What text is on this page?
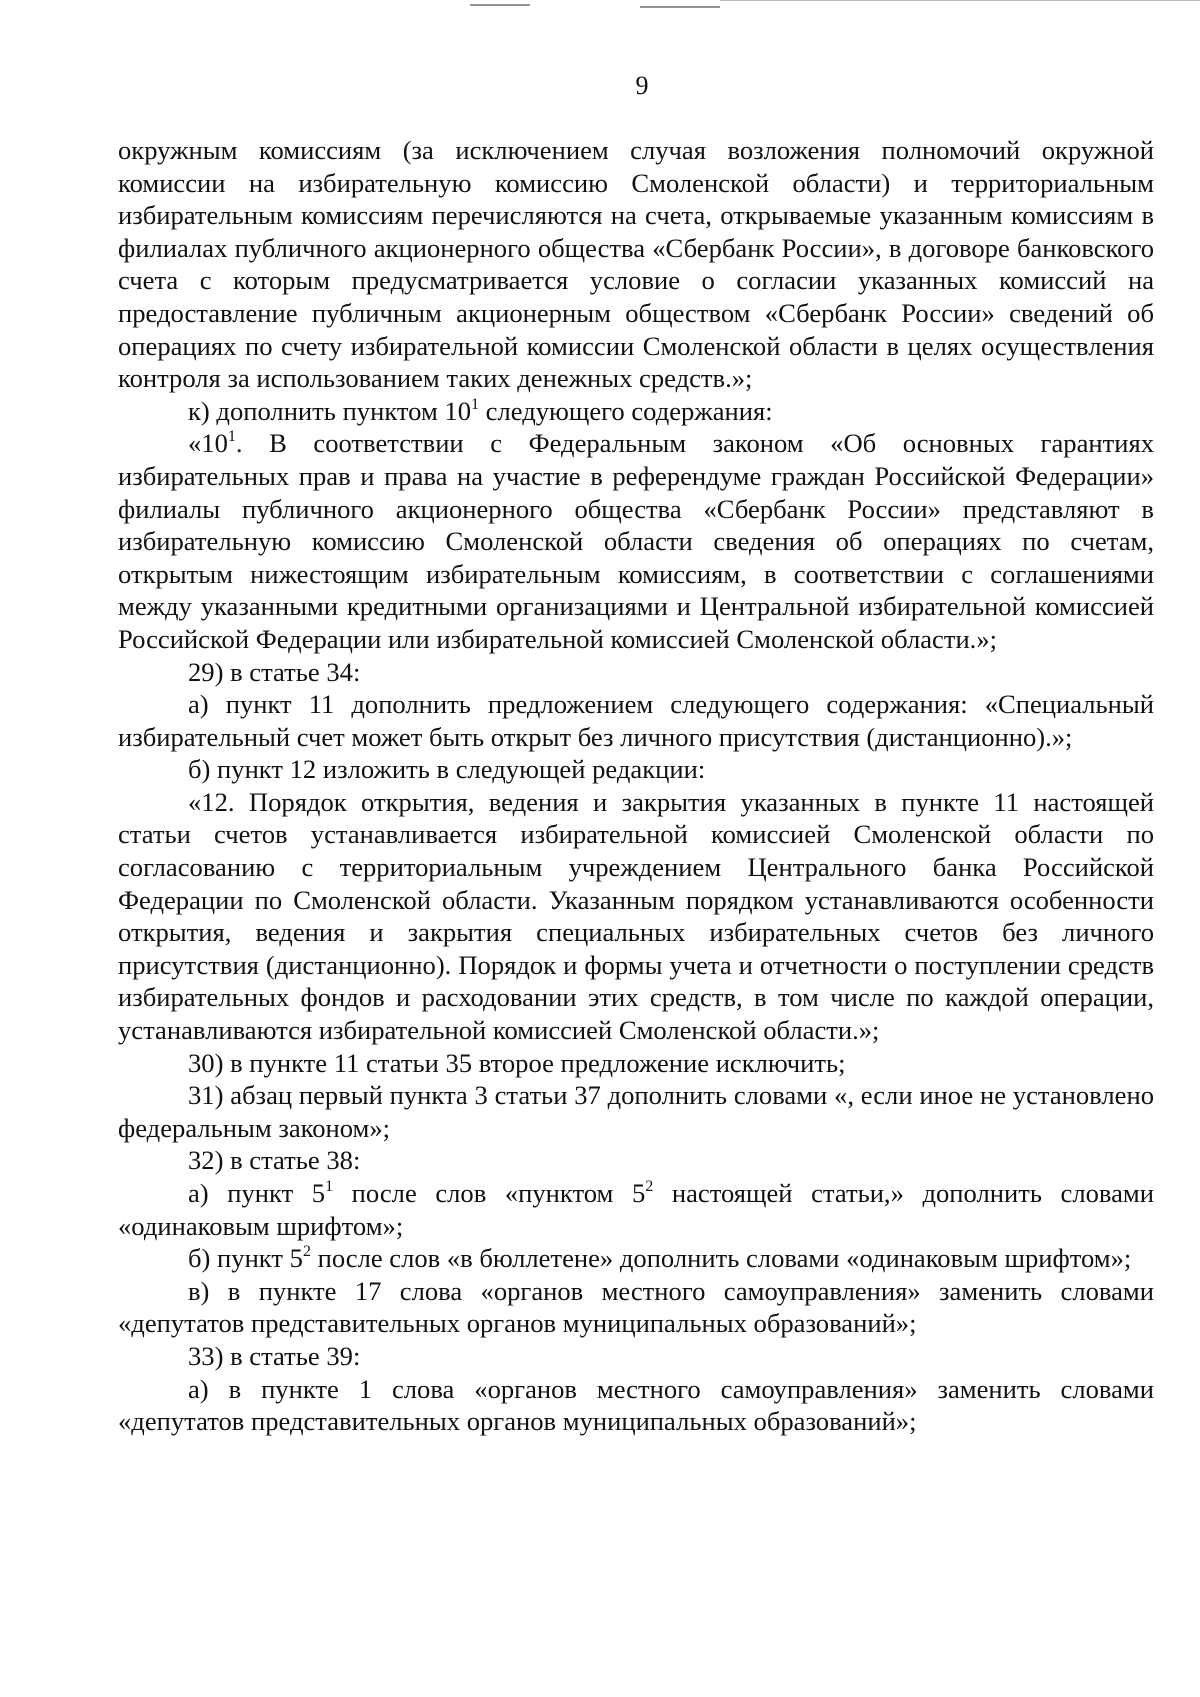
9

окружным комиссиям (за исключением случая возложения полномочий окружной комиссии на избирательную комиссию Смоленской области) и территориальным избирательным комиссиям перечисляются на счета, открываемые указанным комиссиям в филиалах публичного акционерного общества «Сбербанк России», в договоре банковского счета с которым предусматривается условие о согласии указанных комиссий на предоставление публичным акционерным обществом «Сбербанк России» сведений об операциях по счету избирательной комиссии Смоленской области в целях осуществления контроля за использованием таких денежных средств.»;

к) дополнить пунктом $10^1$ следующего содержания:

«$10^1$. В соответствии с Федеральным законом «Об основных гарантиях избирательных прав и права на участие в референдуме граждан Российской Федерации» филиалы публичного акционерного общества «Сбербанк России» представляют в избирательную комиссию Смоленской области сведения об операциях по счетам, открытым нижестоящим избирательным комиссиям, в соответствии с соглашениями между указанными кредитными организациями и Центральной избирательной комиссией Российской Федерации или избирательной комиссией Смоленской области.»;

29) в статье 34:

а) пункт 11 дополнить предложением следующего содержания: «Специальный избирательный счет может быть открыт без личного присутствия (дистанционно).»;

б) пункт 12 изложить в следующей редакции:

«12. Порядок открытия, ведения и закрытия указанных в пункте 11 настоящей статьи счетов устанавливается избирательной комиссией Смоленской области по согласованию с территориальным учреждением Центрального банка Российской Федерации по Смоленской области. Указанным порядком устанавливаются особенности открытия, ведения и закрытия специальных избирательных счетов без личного присутствия (дистанционно). Порядок и формы учета и отчетности о поступлении средств избирательных фондов и расходовании этих средств, в том числе по каждой операции, устанавливаются избирательной комиссией Смоленской области.»;

30) в пункте 11 статьи 35 второе предложение исключить;

31) абзац первый пункта 3 статьи 37 дополнить словами «, если иное не установлено федеральным законом»;

32) в статье 38:

а) пункт $5^1$ после слов «пунктом $5^2$ настоящей статьи,» дополнить словами «одинаковым шрифтом»;

б) пункт $5^2$ после слов «в бюллетене» дополнить словами «одинаковым шрифтом»;

в) в пункте 17 слова «органов местного самоуправления» заменить словами «депутатов представительных органов муниципальных образований»;

33) в статье 39:

а) в пункте 1 слова «органов местного самоуправления» заменить словами «депутатов представительных органов муниципальных образований»;
